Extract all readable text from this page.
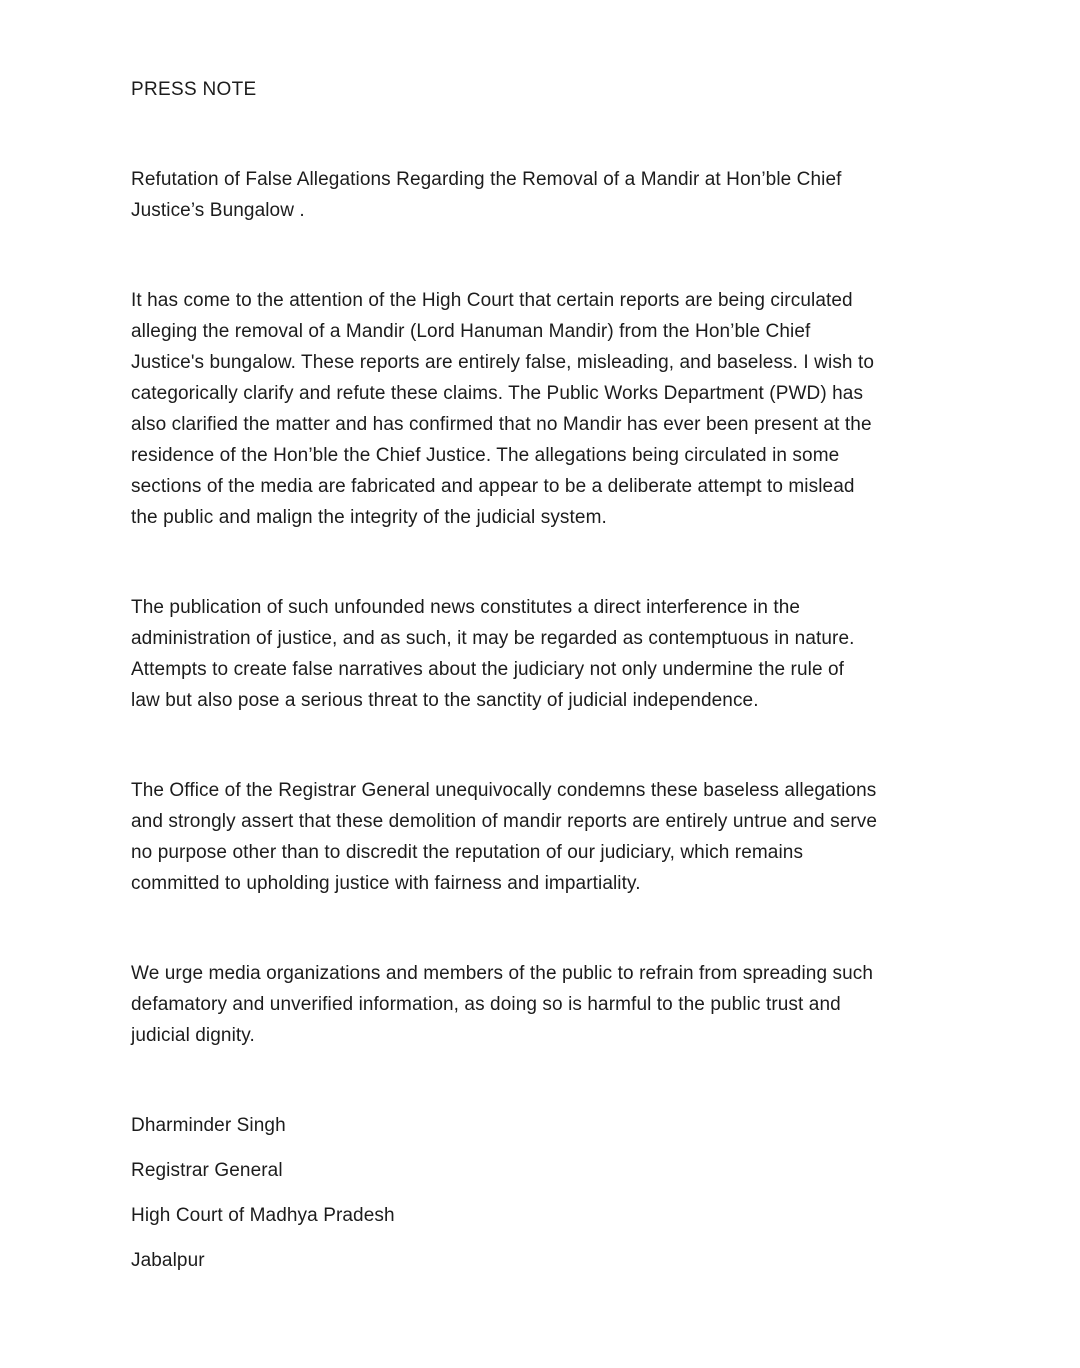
PRESS NOTE
Refutation of False Allegations Regarding the Removal of a Mandir at Hon’ble Chief
Justice’s Bungalow .
It has come to the attention of the High Court that certain reports are being circulated
alleging the removal of a Mandir (Lord Hanuman Mandir) from the Hon’ble Chief
Justice's bungalow. These reports are entirely false, misleading, and baseless. I wish to
categorically clarify and refute these claims. The Public Works Department (PWD) has
also clarified the matter and has confirmed that no Mandir has ever been present at the
residence of the Hon’ble the Chief Justice. The allegations being circulated in some
sections of the media are fabricated and appear to be a deliberate attempt to mislead
the public and malign the integrity of the judicial system.
The publication of such unfounded news constitutes a direct interference in the
administration of justice, and as such, it may be regarded as contemptuous in nature.
Attempts to create false narratives about the judiciary not only undermine the rule of
law but also pose a serious threat to the sanctity of judicial independence.
The Office of the Registrar General unequivocally condemns these baseless allegations
and strongly assert that these demolition of mandir reports are entirely untrue and serve
no purpose other than to discredit the reputation of our judiciary, which remains
committed to upholding justice with fairness and impartiality.
We urge media organizations and members of the public to refrain from spreading such
defamatory and unverified information, as doing so is harmful to the public trust and
judicial dignity.
Dharminder Singh
Registrar General
High Court of Madhya Pradesh
Jabalpur
